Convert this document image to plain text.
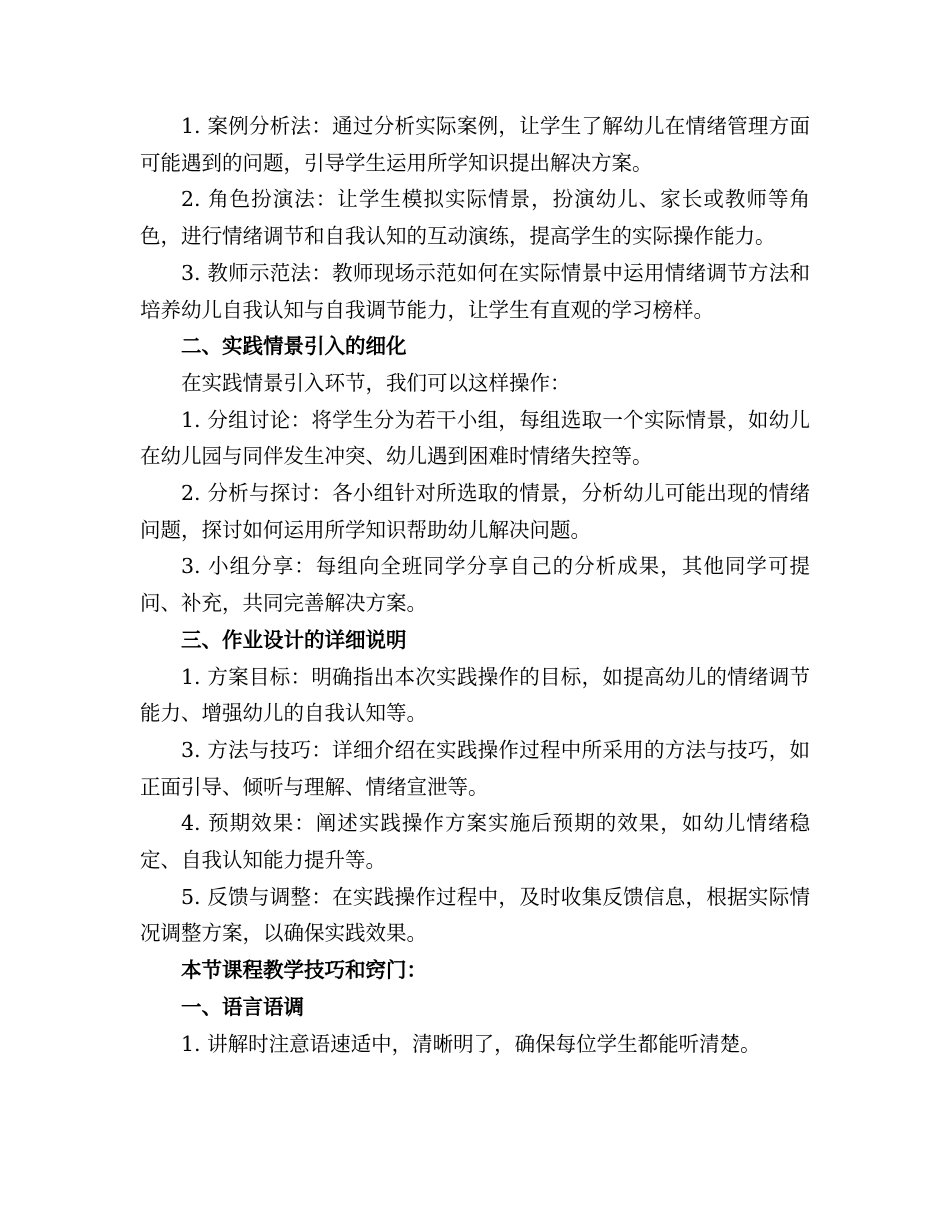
1. 案例分析法：通过分析实际案例，让学生了解幼儿在情绪管理方面可能遇到的问题，引导学生运用所学知识提出解决方案。

2. 角色扮演法：让学生模拟实际情景，扮演幼儿、家长或教师等角色，进行情绪调节和自我认知的互动演练，提高学生的实际操作能力。

3. 教师示范法：教师现场示范如何在实际情景中运用情绪调节方法和培养幼儿自我认知与自我调节能力，让学生有直观的学习榜样。

二、实践情景引入的细化

在实践情景引入环节，我们可以这样操作：

1. 分组讨论：将学生分为若干小组，每组选取一个实际情景，如幼儿在幼儿园与同伴发生冲突、幼儿遇到困难时情绪失控等。

2. 分析与探讨：各小组针对所选取的情景，分析幼儿可能出现的情绪问题，探讨如何运用所学知识帮助幼儿解决问题。

3. 小组分享：每组向全班同学分享自己的分析成果，其他同学可提问、补充，共同完善解决方案。

三、作业设计的详细说明

1. 方案目标：明确指出本次实践操作的目标，如提高幼儿的情绪调节能力、增强幼儿的自我认知等。

3. 方法与技巧：详细介绍在实践操作过程中所采用的方法与技巧，如正面引导、倾听与理解、情绪宣泄等。

4. 预期效果：阐述实践操作方案实施后预期的效果，如幼儿情绪稳定、自我认知能力提升等。

5. 反馈与调整：在实践操作过程中，及时收集反馈信息，根据实际情况调整方案，以确保实践效果。

本节课程教学技巧和窍门：

一、语言语调

1. 讲解时注意语速适中，清晰明了，确保每位学生都能听清楚。
